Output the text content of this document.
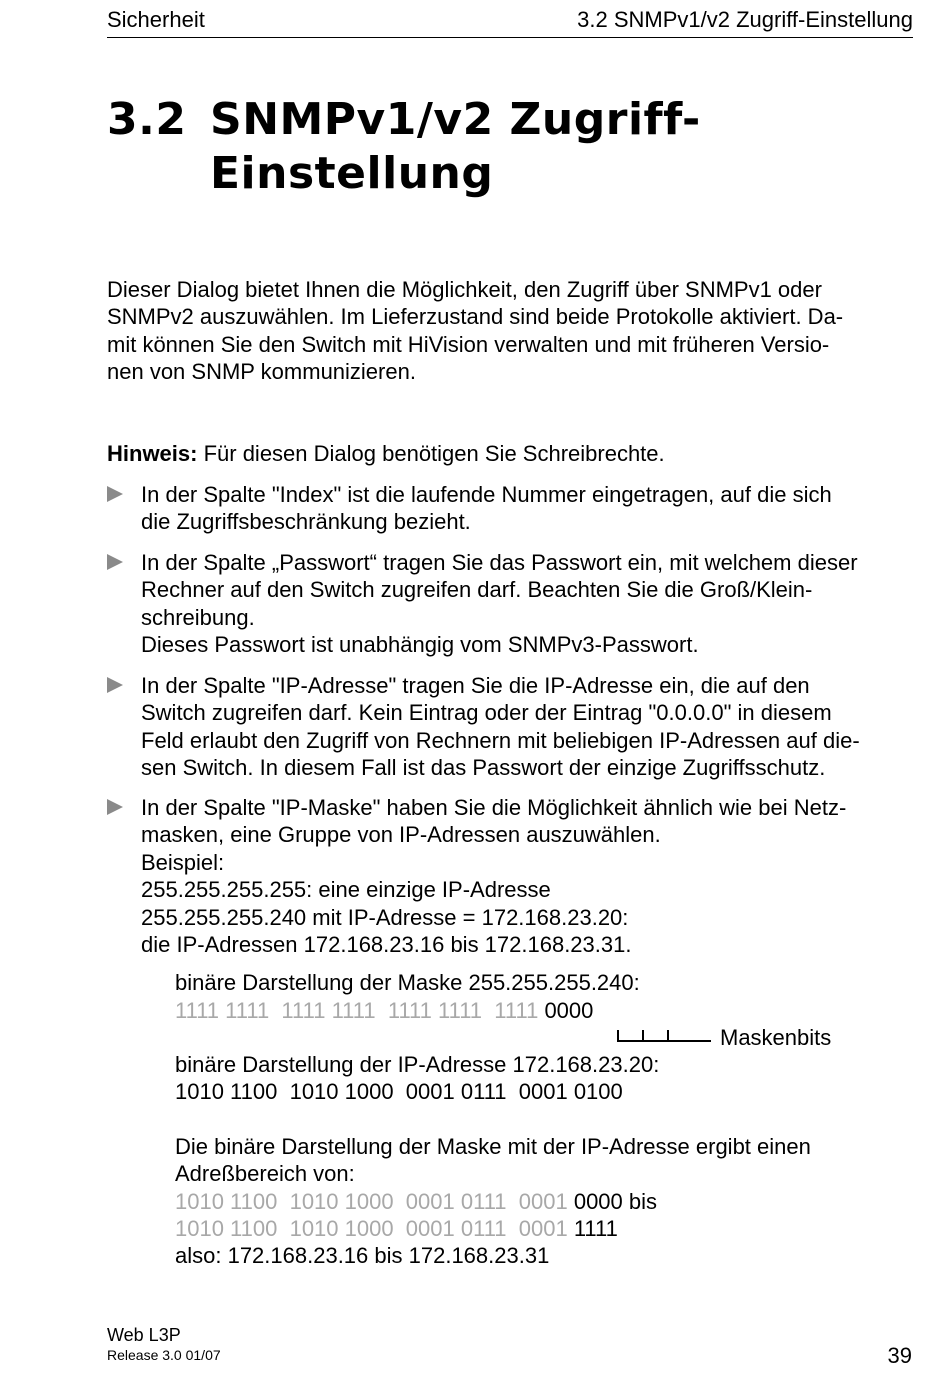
Sicherheit	3.2 SNMPv1/v2 Zugriff-Einstellung
3.2 SNMPv1/v2 Zugriff-
Einstellung
Dieser Dialog bietet Ihnen die Möglichkeit, den Zugriff über SNMPv1 oder
SNMPv2 auszuwählen. Im Lieferzustand sind beide Protokolle aktiviert. Da-
mit können Sie den Switch mit HiVision verwalten und mit früheren Versio-
nen von SNMP kommunizieren.
Hinweis: Für diesen Dialog benötigen Sie Schreibrechte.
In der Spalte "Index" ist die laufende Nummer eingetragen, auf die sich
die Zugriffsbeschränkung bezieht.
In der Spalte „Passwort“ tragen Sie das Passwort ein, mit welchem dieser
Rechner auf den Switch zugreifen darf. Beachten Sie die Groß/Klein-
schreibung.
Dieses Passwort ist unabhängig vom SNMPv3-Passwort.
In der Spalte "IP-Adresse" tragen Sie die IP-Adresse ein, die auf den
Switch zugreifen darf. Kein Eintrag oder der Eintrag "0.0.0.0" in diesem
Feld erlaubt den Zugriff von Rechnern mit beliebigen IP-Adressen auf die-
sen Switch. In diesem Fall ist das Passwort der einzige Zugriffsschutz.
In der Spalte "IP-Maske" haben Sie die Möglichkeit ähnlich wie bei Netz-
masken, eine Gruppe von IP-Adressen auszuwählen.
Beispiel:
255.255.255.255: eine einzige IP-Adresse
255.255.255.240 mit IP-Adresse = 172.168.23.20:
die IP-Adressen 172.168.23.16 bis 172.168.23.31.
binäre Darstellung der Maske 255.255.255.240:
1111 1111  1111 1111  1111 1111  1111 0000
Maskenbits
binäre Darstellung der IP-Adresse 172.168.23.20:
1010 1100  1010 1000  0001 0111  0001 0100
Die binäre Darstellung der Maske mit der IP-Adresse ergibt einen
Adreßbereich von:
1010 1100  1010 1000  0001 0111  0001 0000 bis
1010 1100  1010 1000  0001 0111  0001 1111
also: 172.168.23.16 bis 172.168.23.31
Web L3P
Release 3.0 01/07	39
